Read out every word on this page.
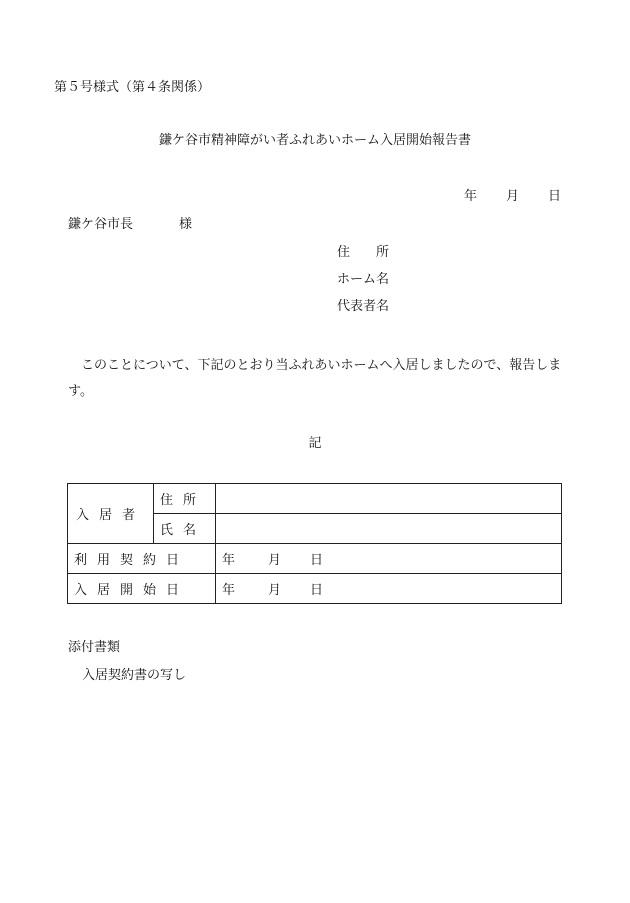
第５号様式（第４条関係）
鎌ケ谷市精神障がい者ふれあいホーム入居開始報告書
年 月 日
鎌ケ谷市長	様
住　　所
ホーム名
代表者名
このことについて、下記のとおり当ふれあいホームへ入居しましたので、報告します。
記
入居者	住所	
	氏名	
利用契約日		年 月 日
入居開始日		年 月 日
添付書類
入居契約書の写し
